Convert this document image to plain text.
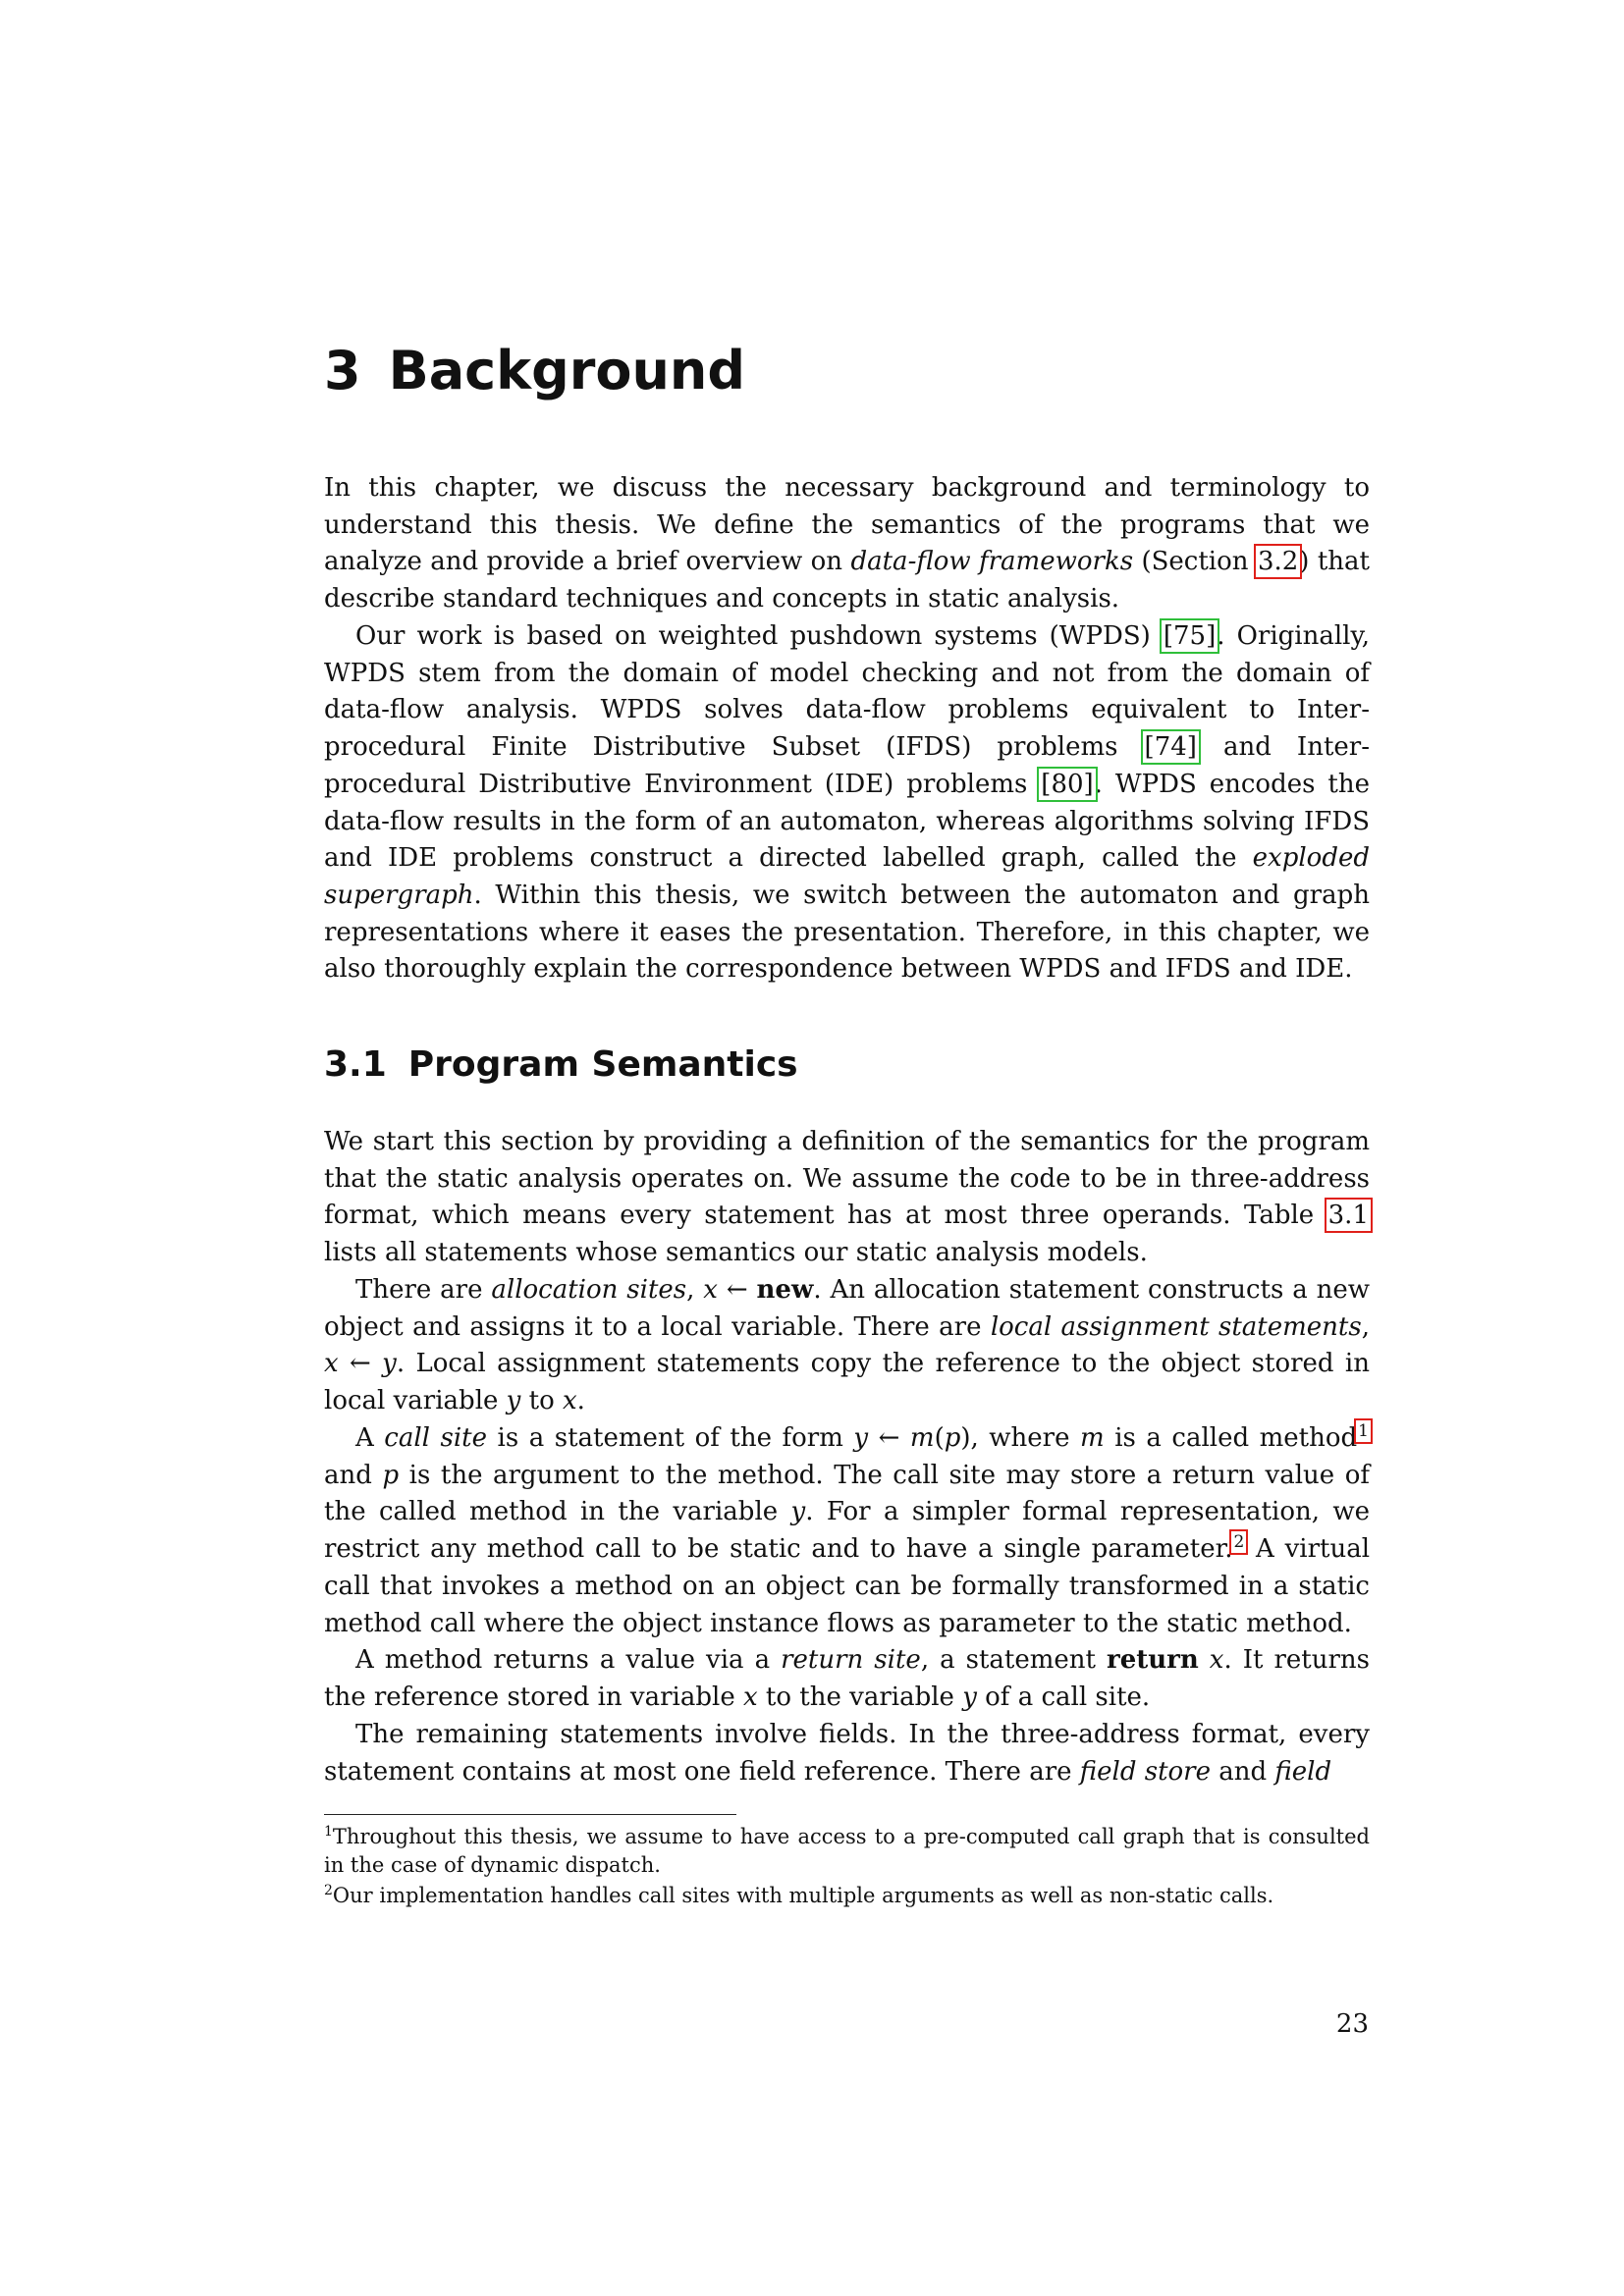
3 Background

In this chapter, we discuss the necessary background and terminology to understand this thesis. We define the semantics of the programs that we analyze and provide a brief overview on data-flow frameworks (Section 3.2) that describe standard techniques and concepts in static analysis.

Our work is based on weighted pushdown systems (WPDS) [75]. Originally, WPDS stem from the domain of model checking and not from the domain of data-flow analysis. WPDS solves data-flow problems equivalent to Inter-procedural Finite Distributive Subset (IFDS) problems [74] and Inter-procedural Distributive Environment (IDE) problems [80]. WPDS encodes the data-flow results in the form of an automaton, whereas algorithms solving IFDS and IDE problems construct a directed labelled graph, called the exploded supergraph. Within this thesis, we switch between the automaton and graph representations where it eases the presentation. Therefore, in this chapter, we also thoroughly explain the correspondence between WPDS and IFDS and IDE.

3.1 Program Semantics

We start this section by providing a definition of the semantics for the program that the static analysis operates on. We assume the code to be in three-address format, which means every statement has at most three operands. Table 3.1 lists all statements whose semantics our static analysis models.

There are allocation sites, x ← new. An allocation statement constructs a new object and assigns it to a local variable. There are local assignment statements, x ← y. Local assignment statements copy the reference to the object stored in local variable y to x.

A call site is a statement of the form y ← m(p), where m is a called method$^1$ and p is the argument to the method. The call site may store a return value of the called method in the variable y. For a simpler formal representation, we restrict any method call to be static and to have a single parameter.$^2$ A virtual call that invokes a method on an object can be formally transformed in a static method call where the object instance flows as parameter to the static method.

A method returns a value via a return site, a statement return x. It returns the reference stored in variable x to the variable y of a call site.

The remaining statements involve fields. In the three-address format, every statement contains at most one field reference. There are field store and field

$^1$Throughout this thesis, we assume to have access to a pre-computed call graph that is consulted in the case of dynamic dispatch.

$^2$Our implementation handles call sites with multiple arguments as well as non-static calls.

23
